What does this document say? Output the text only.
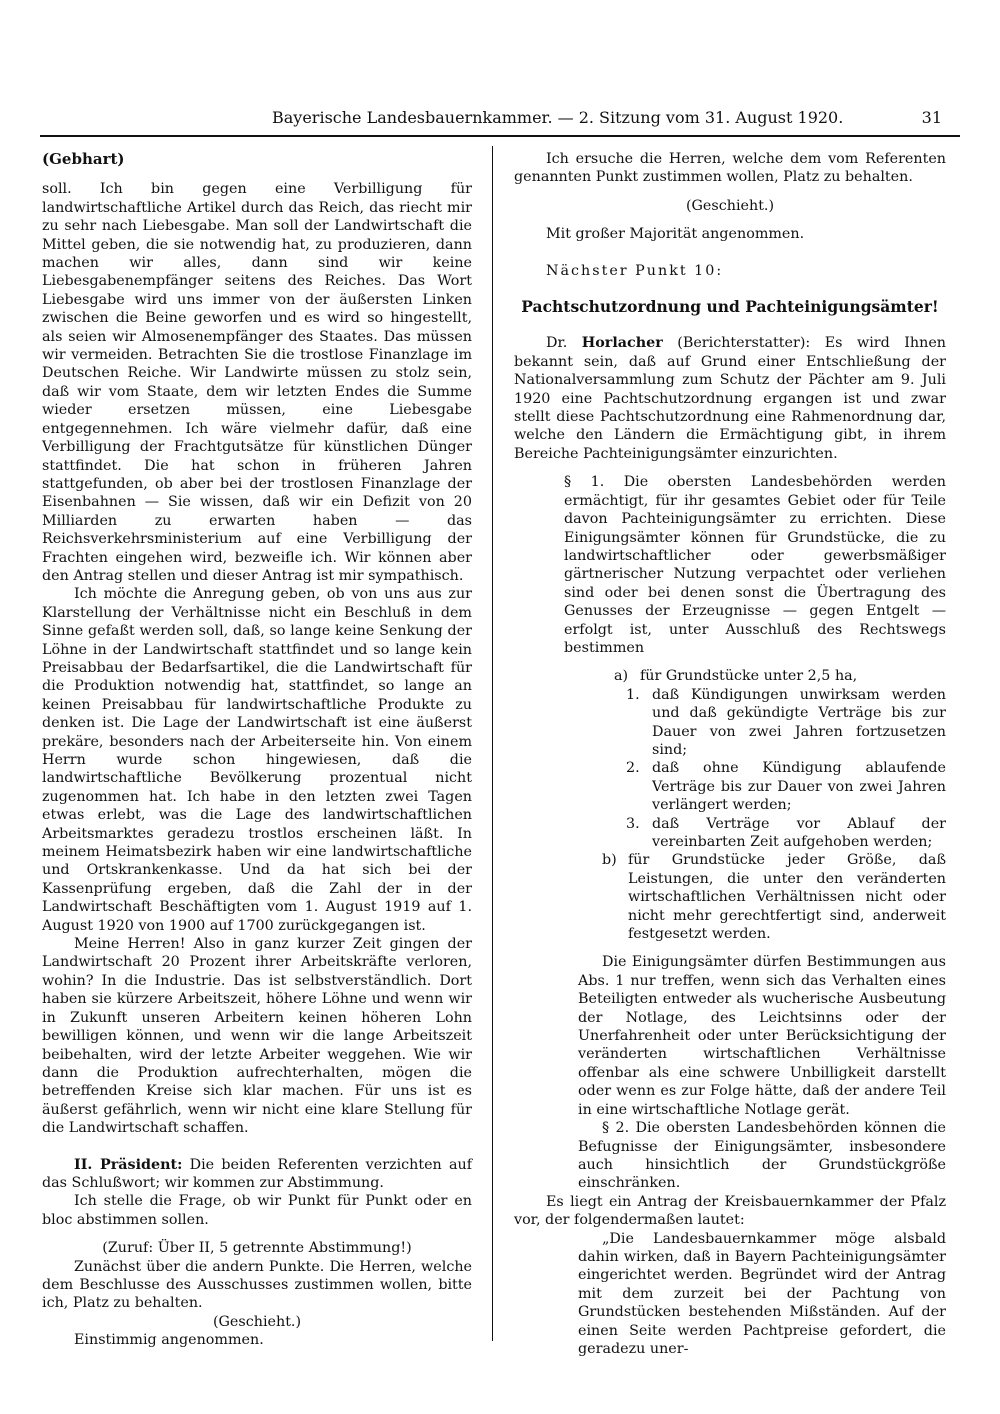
Bayerische Landesbauernkammer. — 2. Sitzung vom 31. August 1920.	31

(Gebhart)

soll. Ich bin gegen eine Verbilligung für landwirtschaftliche Artikel durch das Reich, das riecht mir zu sehr nach Liebesgabe. Man soll der Landwirtschaft die Mittel geben, die sie notwendig hat, zu produzieren, dann machen wir alles, dann sind wir keine Liebesgabenempfänger seitens des Reiches. Das Wort Liebesgabe wird uns immer von der äußersten Linken zwischen die Beine geworfen und es wird so hingestellt, als seien wir Almosenempfänger des Staates. Das müssen wir vermeiden. Betrachten Sie die trostlose Finanzlage im Deutschen Reiche. Wir Landwirte müssen zu stolz sein, daß wir vom Staate, dem wir letzten Endes die Summe wieder ersetzen müssen, eine Liebesgabe entgegennehmen. Ich wäre vielmehr dafür, daß eine Verbilligung der Frachtgutsätze für künstlichen Dünger stattfindet. Die hat schon in früheren Jahren stattgefunden, ob aber bei der trostlosen Finanzlage der Eisenbahnen — Sie wissen, daß wir ein Defizit von 20 Milliarden zu erwarten haben — das Reichsverkehrsministerium auf eine Verbilligung der Frachten eingehen wird, bezweifle ich. Wir können aber den Antrag stellen und dieser Antrag ist mir sympathisch.

Ich möchte die Anregung geben, ob von uns aus zur Klarstellung der Verhältnisse nicht ein Beschluß in dem Sinne gefaßt werden soll, daß, so lange keine Senkung der Löhne in der Landwirtschaft stattfindet und so lange kein Preisabbau der Bedarfsartikel, die die Landwirtschaft für die Produktion notwendig hat, stattfindet, so lange an keinen Preisabbau für landwirtschaftliche Produkte zu denken ist. Die Lage der Landwirtschaft ist eine äußerst prekäre, besonders nach der Arbeiterseite hin. Von einem Herrn wurde schon hingewiesen, daß die landwirtschaftliche Bevölkerung prozentual nicht zugenommen hat. Ich habe in den letzten zwei Tagen etwas erlebt, was die Lage des landwirtschaftlichen Arbeitsmarktes geradezu trostlos erscheinen läßt. In meinem Heimatsbezirk haben wir eine landwirtschaftliche und Ortskrankenkasse. Und da hat sich bei der Kassenprüfung ergeben, daß die Zahl der in der Landwirtschaft Beschäftigten vom 1. August 1919 auf 1. August 1920 von 1900 auf 1700 zurückgegangen ist.

Meine Herren! Also in ganz kurzer Zeit gingen der Landwirtschaft 20 Prozent ihrer Arbeitskräfte verloren, wohin? In die Industrie. Das ist selbstverständlich. Dort haben sie kürzere Arbeitszeit, höhere Löhne und wenn wir in Zukunft unseren Arbeitern keinen höheren Lohn bewilligen können, und wenn wir die lange Arbeitszeit beibehalten, wird der letzte Arbeiter weggehen. Wie wir dann die Produktion aufrechterhalten, mögen die betreffenden Kreise sich klar machen. Für uns ist es äußerst gefährlich, wenn wir nicht eine klare Stellung für die Landwirtschaft schaffen.

II. Präsident: Die beiden Referenten verzichten auf das Schlußwort; wir kommen zur Abstimmung.

Ich stelle die Frage, ob wir Punkt für Punkt oder en bloc abstimmen sollen.

(Zuruf: Über II, 5 getrennte Abstimmung!)

Zunächst über die andern Punkte. Die Herren, welche dem Beschlusse des Ausschusses zustimmen wollen, bitte ich, Platz zu behalten.

(Geschieht.)

Einstimmig angenommen.

Ich ersuche die Herren, welche dem vom Referenten genannten Punkt zustimmen wollen, Platz zu behalten.

(Geschieht.)

Mit großer Majorität angenommen.

Nächster Punkt 10:

Pachtschutzordnung und Pachteinigungsämter!

Dr. Horlacher (Berichterstatter): Es wird Ihnen bekannt sein, daß auf Grund einer Entschließung der Nationalversammlung zum Schutz der Pächter am 9. Juli 1920 eine Pachtschutzordnung ergangen ist und zwar stellt diese Pachtschutzordnung eine Rahmenordnung dar, welche den Ländern die Ermächtigung gibt, in ihrem Bereiche Pachteinigungsämter einzurichten.

§ 1. Die obersten Landesbehörden werden ermächtigt, für ihr gesamtes Gebiet oder für Teile davon Pachteinigungsämter zu errichten. Diese Einigungsämter können für Grundstücke, die zu landwirtschaftlicher oder gewerbsmäßiger gärtnerischer Nutzung verpachtet oder verliehen sind oder bei denen sonst die Übertragung des Genusses der Erzeugnisse — gegen Entgelt — erfolgt ist, unter Ausschluß des Rechtswegs bestimmen

a) für Grundstücke unter 2,5 ha,

1. daß Kündigungen unwirksam werden und daß gekündigte Verträge bis zur Dauer von zwei Jahren fortzusetzen sind;

2. daß ohne Kündigung ablaufende Verträge bis zur Dauer von zwei Jahren verlängert werden;

3. daß Verträge vor Ablauf der vereinbarten Zeit aufgehoben werden;

b) für Grundstücke jeder Größe, daß Leistungen, die unter den veränderten wirtschaftlichen Verhältnissen nicht oder nicht mehr gerechtfertigt sind, anderweit festgesetzt werden.

Die Einigungsämter dürfen Bestimmungen aus Abs. 1 nur treffen, wenn sich das Verhalten eines Beteiligten entweder als wucherische Ausbeutung der Notlage, des Leichtsinns oder der Unerfahrenheit oder unter Berücksichtigung der veränderten wirtschaftlichen Verhältnisse offenbar als eine schwere Unbilligkeit darstellt oder wenn es zur Folge hätte, daß der andere Teil in eine wirtschaftliche Notlage gerät.

§ 2. Die obersten Landesbehörden können die Befugnisse der Einigungsämter, insbesondere auch hinsichtlich der Grundstückgröße einschränken.

Es liegt ein Antrag der Kreisbauernkammer der Pfalz vor, der folgendermaßen lautet:

„Die Landesbauernkammer möge alsbald dahin wirken, daß in Bayern Pachteinigungsämter eingerichtet werden. Begründet wird der Antrag mit dem zurzeit bei der Pachtung von Grundstücken bestehenden Mißständen. Auf der einen Seite werden Pachtpreise gefordert, die geradezu uner-
